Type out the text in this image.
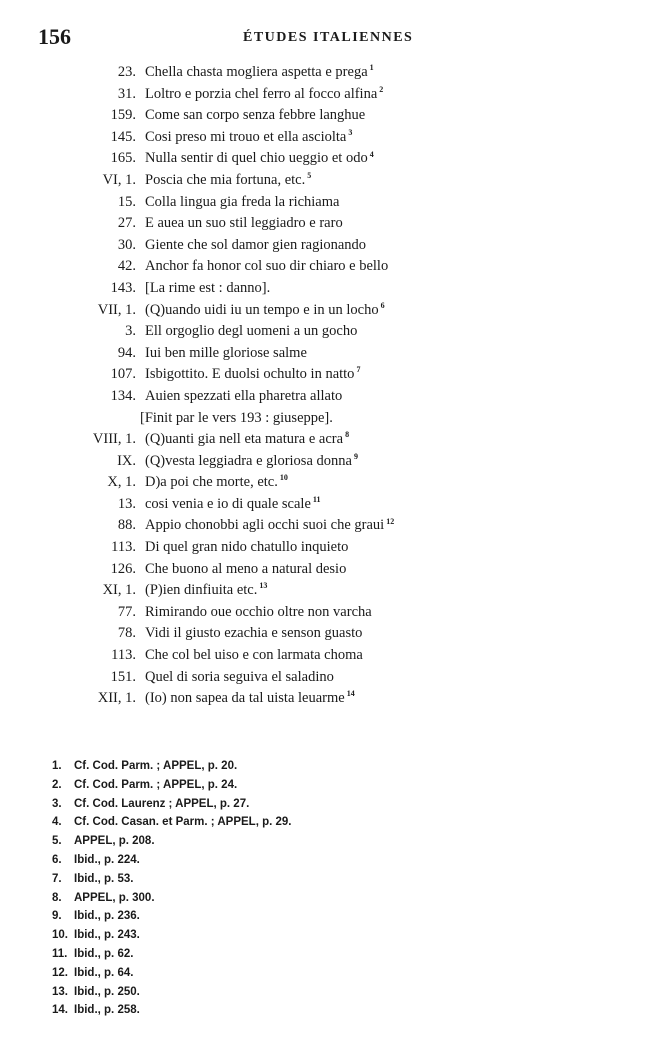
156	ÉTUDES ITALIENNES
23. Chella chasta mogliera aspetta e prega $^1$
31. Loltro e porzia chel ferro al focco alfina $^2$
159. Come san corpo senza febbre langhue
145. Cosi preso mi trouo et ella asciolta $^3$
165. Nulla sentir di quel chio ueggio et odo $^4$
VI, 1. Poscia che mia fortuna, etc. $^5$
15. Colla lingua gia freda la richiama
27. E auea un suo stil leggiadro e raro
30. Giente che sol damor gien ragionando
42. Anchor fa honor col suo dir chiaro e bello
143. [La rime est : danno].
VII, 1. (Q)uando uidi iu un tempo e in un locho $^6$
3. Ell orgoglio degl uomeni a un gocho
94. Iui ben mille gloriose salme
107. Isbigottito. E duolsi ochulto in natto $^7$
134. Auien spezzati ella pharetra allato
[Finit par le vers 193 : giuseppe].
VIII, 1. (Q)uanti gia nell eta matura e acra $^8$
IX. (Q)vesta leggiadra e gloriosa donna $^9$
X, 1. D)a poi che morte, etc. $^{10}$
13. cosi venia e io di quale scale $^{11}$
88. Appio chonobbi agli occhi suoi che graui $^{12}$
113. Di quel gran nido chatullo inquieto
126. Che buono al meno a natural desio
XI, 1. (P)ien dinfiuita etc. $^{13}$
77. Rimirando oue occhio oltre non varcha
78. Vidi il giusto ezachia e senson guasto
113. Che col bel uiso e con larmata choma
151. Quel di soria seguiva el saladino
XII, 1. (Io) non sapea da tal uista leuarme $^{14}$
1. Cf. Cod. Parm. ; APPEL, p. 20.
2. Cf. Cod. Parm. ; APPEL, p. 24.
3. Cf. Cod. Laurenz ; APPEL, p. 27.
4. Cf. Cod. Casan. et Parm. ; APPEL, p. 29.
5. APPEL, p. 208.
6. Ibid., p. 224.
7. Ibid., p. 53.
8. APPEL, p. 300.
9. Ibid., p. 236.
10. Ibid., p. 243.
11. Ibid., p. 62.
12. Ibid., p. 64.
13. Ibid., p. 250.
14. Ibid., p. 258.
